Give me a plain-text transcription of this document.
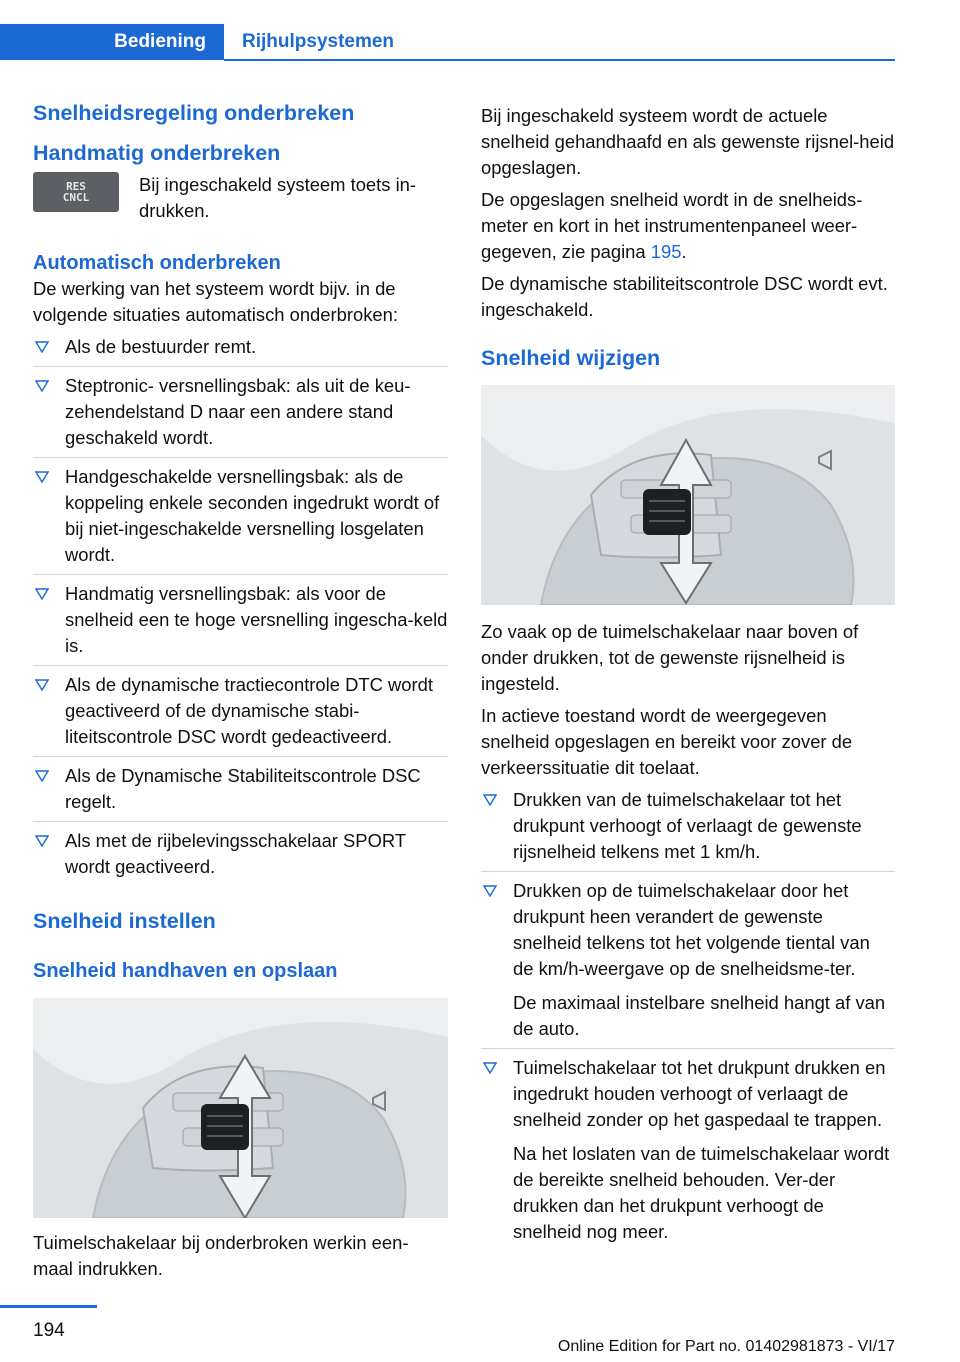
Bediening Rijhulpsystemen
Snelheidsregeling onderbreken
Handmatig onderbreken
RES CNCL

Bij ingeschakeld systeem toets in-drukken.

Automatisch onderbreken

De werking van het systeem wordt bijv. in de volgende situaties automatisch onderbroken:

Als de bestuurder remt.
Steptronic- versnellingsbak: als uit de keu-zehendelstand D naar een andere stand geschakeld wordt.
Handgeschakelde versnellingsbak: als de koppeling enkele seconden ingedrukt wordt of bij niet-ingeschakelde versnelling losgelaten wordt.
Handmatig versnellingsbak: als voor de snelheid een te hoge versnelling ingescha-keld is.
Als de dynamische tractiecontrole DTC wordt geactiveerd of de dynamische stabi-liteitscontrole DSC wordt gedeactiveerd.
Als de Dynamische Stabiliteitscontrole DSC regelt.
Als met de rijbelevingsschakelaar SPORT wordt geactiveerd.
Snelheid instellen
Snelheid handhaven en opslaan

Tuimelschakelaar bij onderbroken werkin een-maal indrukken.

Bij ingeschakeld systeem wordt de actuele snelheid gehandhaafd en als gewenste rijsnel-heid opgeslagen.

De opgeslagen snelheid wordt in de snelheids-meter en kort in het instrumentenpaneel weer-gegeven, zie pagina 195.

De dynamische stabiliteitscontrole DSC wordt evt. ingeschakeld.

Snelheid wijzigen

Zo vaak op de tuimelschakelaar naar boven of onder drukken, tot de gewenste rijsnelheid is ingesteld.

In actieve toestand wordt de weergegeven snelheid opgeslagen en bereikt voor zover de verkeerssituatie dit toelaat.

Drukken van de tuimelschakelaar tot het drukpunt verhoogt of verlaagt de gewenste rijsnelheid telkens met 1 km/h.
Drukken op de tuimelschakelaar door het drukpunt heen verandert de gewenste snelheid telkens tot het volgende tiental van de km/h-weergave op de snelheidsme-ter.
De maximaal instelbare snelheid hangt af van de auto.
Tuimelschakelaar tot het drukpunt drukken en ingedrukt houden verhoogt of verlaagt de snelheid zonder op het gaspedaal te trappen.
Na het loslaten van de tuimelschakelaar wordt de bereikte snelheid behouden. Ver-der drukken dan het drukpunt verhoogt de snelheid nog meer.
194
Online Edition for Part no. 01402981873 - VI/17
